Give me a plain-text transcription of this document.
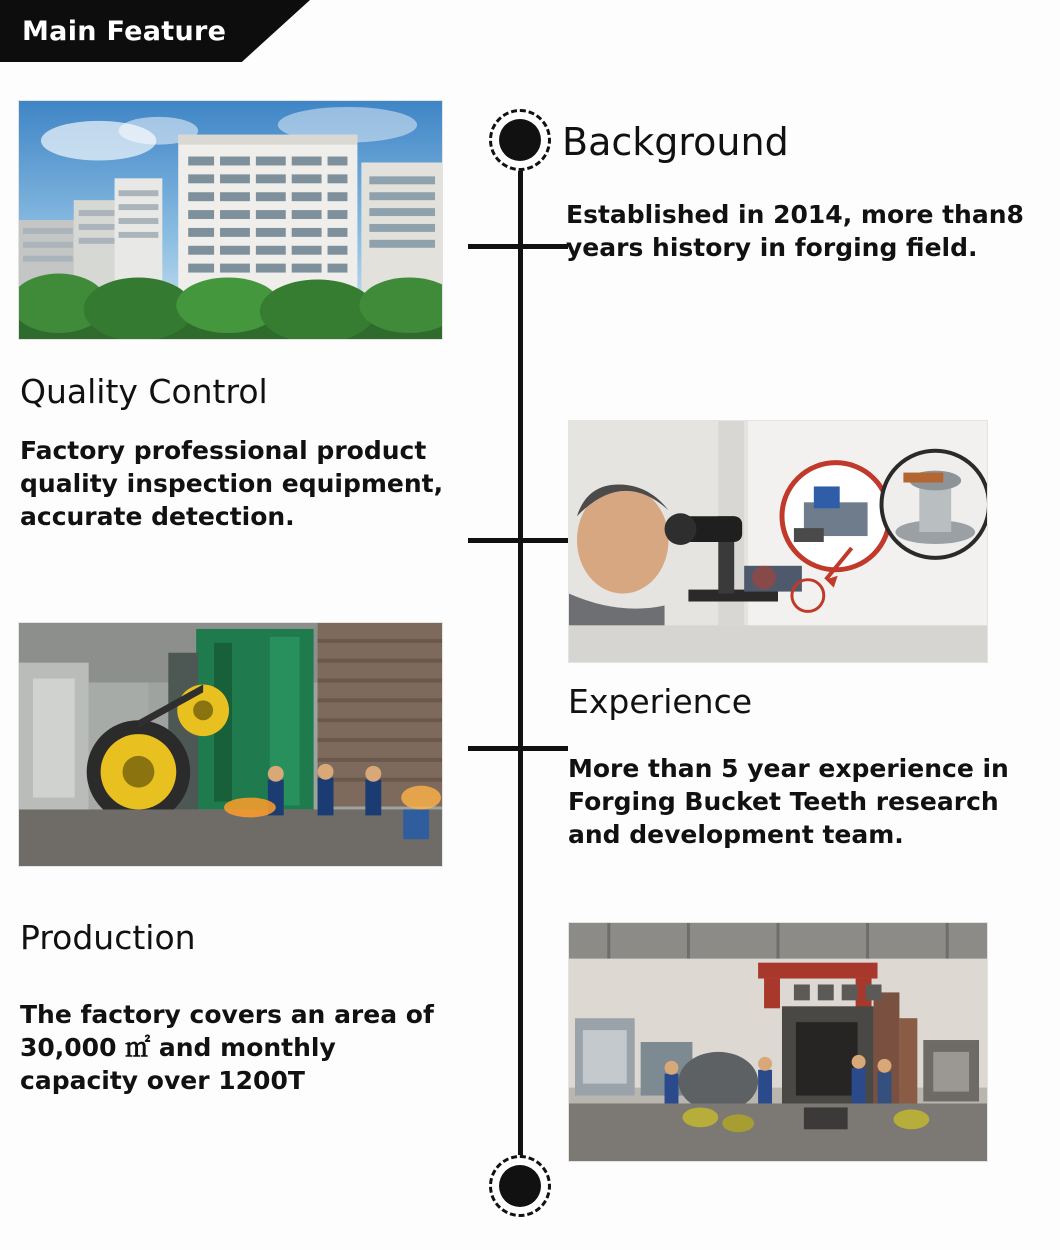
Main Feature
Quality Control
Factory professional product quality inspection equipment, accurate detection.
Production
The factory covers an area of 30,000 ㎡ and monthly capacity over 1200T
Background
Established in 2014, more than8 years history in forging field.
Experience
More than 5 year experience in Forging Bucket Teeth research and development team.
